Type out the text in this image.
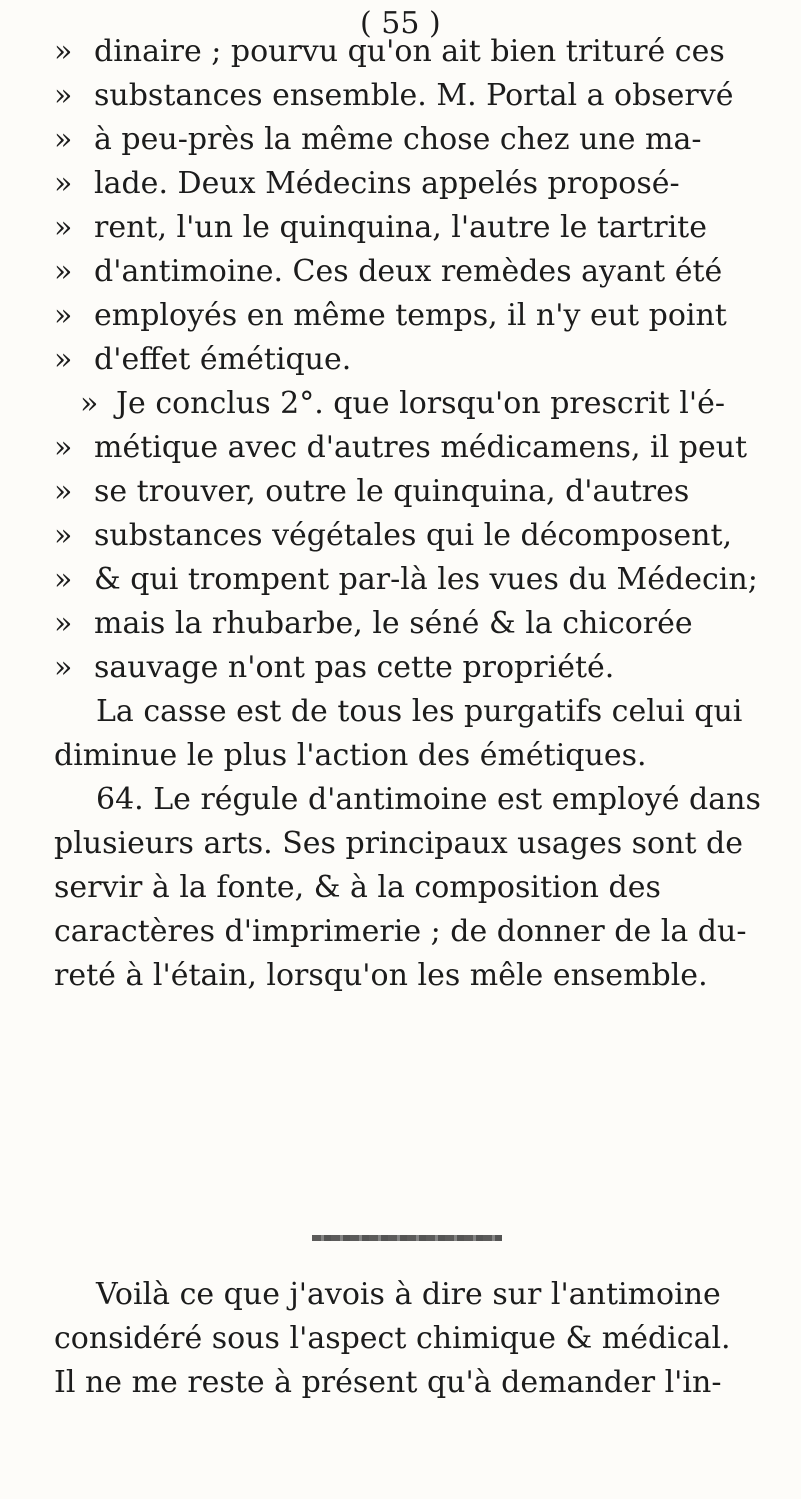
( 55 )
» dinaire ; pourvu qu'on ait bien trituré ces
» substances ensemble. M. Portal a observé
» à peu-près la même chose chez une ma-
» lade. Deux Médecins appelés proposé-
» rent, l'un le quinquina, l'autre le tartrite
» d'antimoine. Ces deux remèdes ayant été
» employés en même temps, il n'y eut point
» d'effet émétique.
» Je conclus 2°. que lorsqu'on prescrit l'é-
» métique avec d'autres médicamens, il peut
» se trouver, outre le quinquina, d'autres
» substances végétales qui le décomposent,
» & qui trompent par-là les vues du Médecin;
» mais la rhubarbe, le séné & la chicorée
» sauvage n'ont pas cette propriété.
La casse est de tous les purgatifs celui qui
diminue le plus l'action des émétiques.
64. Le régule d'antimoine est employé dans
plusieurs arts. Ses principaux usages sont de
servir à la fonte, & à la composition des
caractères d'imprimerie ; de donner de la du-
reté à l'étain, lorsqu'on les mêle ensemble.
Voilà ce que j'avois à dire sur l'antimoine
considéré sous l'aspect chimique & médical.
Il ne me reste à présent qu'à demander l'in-
